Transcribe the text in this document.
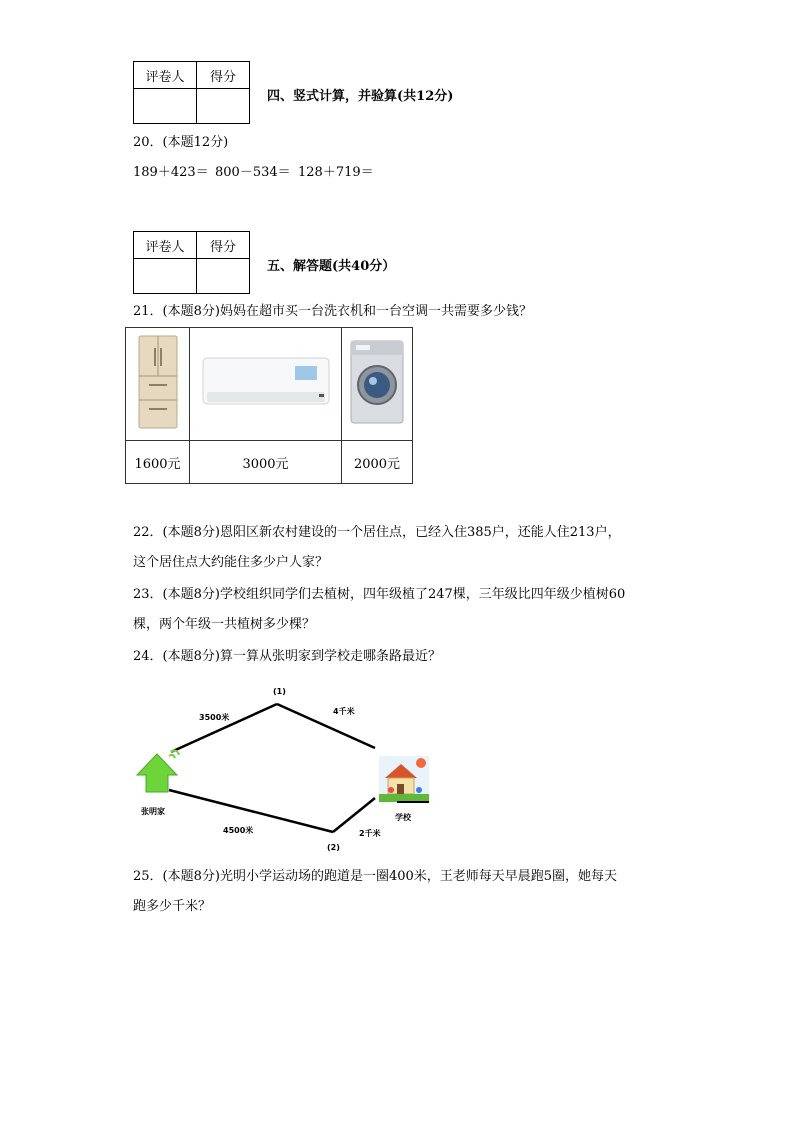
评卷人	得分

四、竖式计算，并验算(共12分)
20．(本题12分)
189＋423＝ 800－534＝ 128＋719＝
评卷人	得分

五、解答题(共40分）
21．(本题8分)妈妈在超市买一台洗衣机和一台空调一共需要多少钱？

1600元	3000元	2000元
22．(本题8分)恩阳区新农村建设的一个居住点，已经入住385户，还能人住213户，
这个居住点大约能住多少户人家？
23．(本题8分)学校组织同学们去植树，四年级植了247棵，三年级比四年级少植树60
棵，两个年级一共植树多少棵？
24．(本题8分)算一算从张明家到学校走哪条路最近？
(1)
(2)
3500米
4千米
4500米	2千米
张明家
学校
25．(本题8分)光明小学运动场的跑道是一圈400米，王老师每天早晨跑5圈，她每天
跑多少千米？
